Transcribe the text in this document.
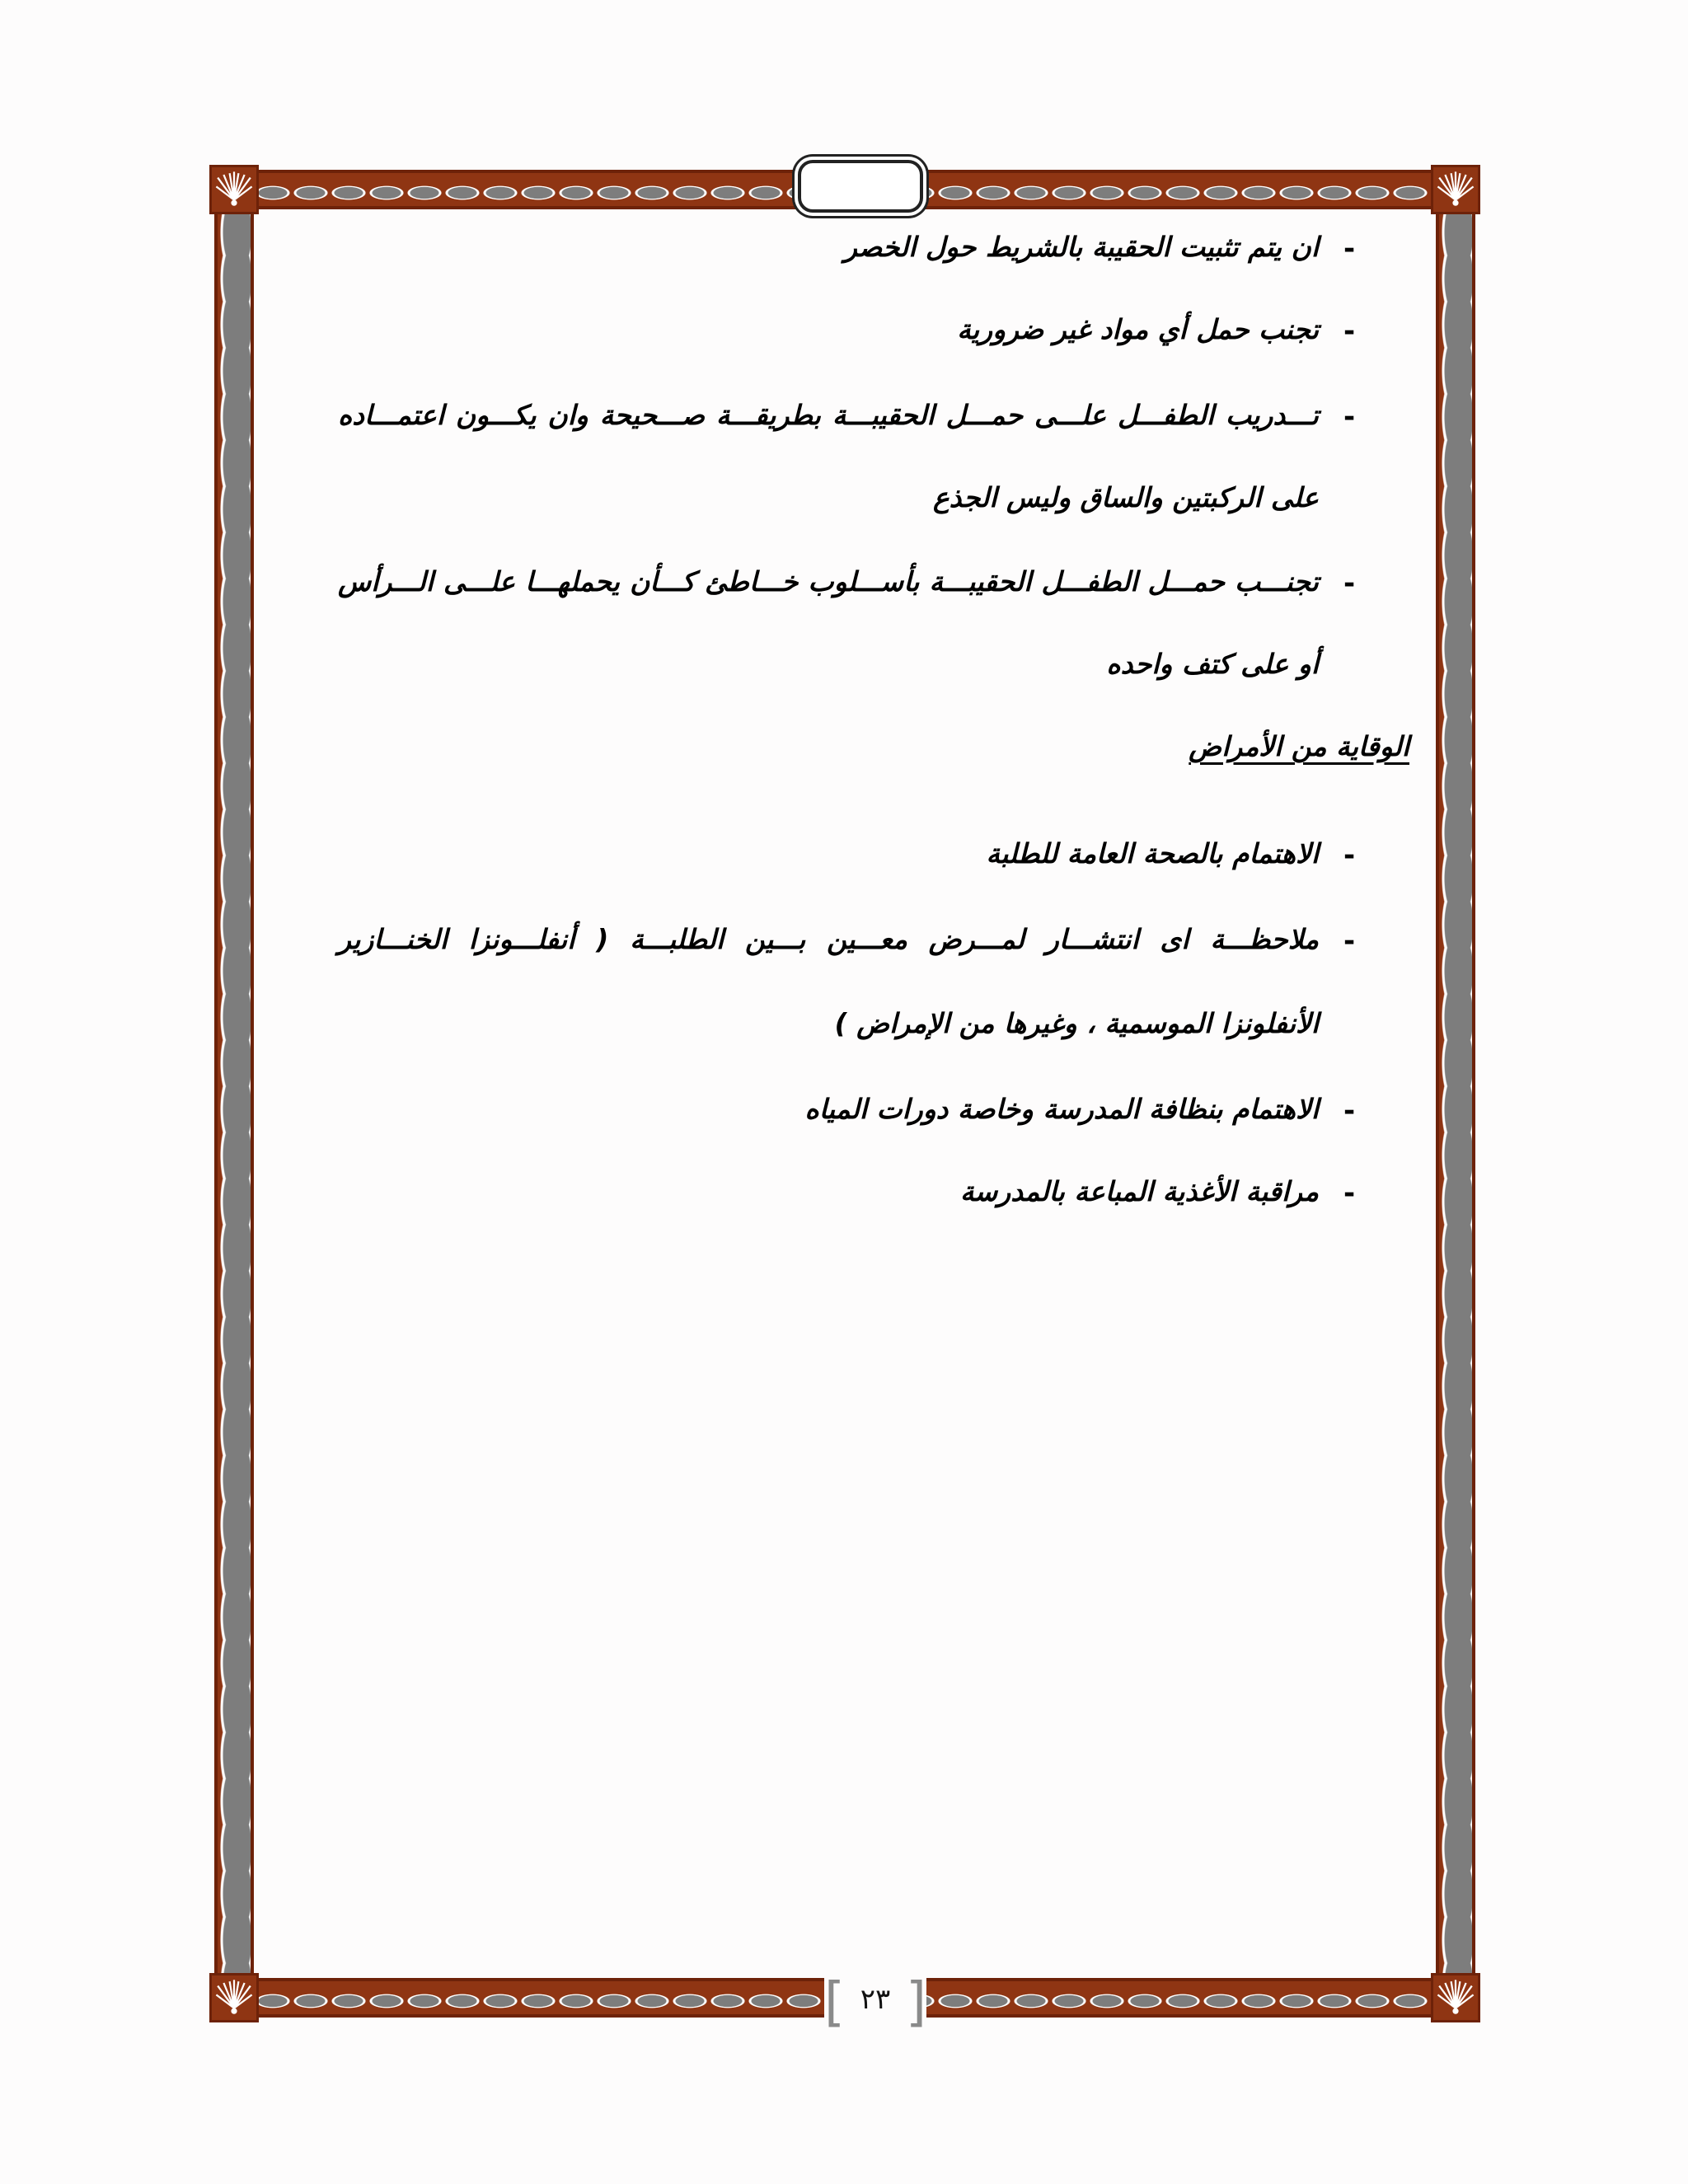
[ ٢٣ ]
-
ان يتم تثبيت الحقيبة بالشريط حول الخصر
-
تجنب حمل أي مواد غير ضرورية
-
تـــدريب الطفـــل علـــى حمـــل الحقيبـــة بطريقـــة صـــحيحة وان يكـــون اعتمـــاده
على الركبتين والساق وليس الجذع
-
تجنـــب حمـــل الطفـــل الحقيبـــة بأســـلوب خـــاطئ كـــأن يحملهـــا علـــى الـــرأس
أو على كتف واحده
الوقاية من الأمراض
-
الاهتمام بالصحة العامة للطلبة
-
ملاحظـــة اى انتشـــار لمـــرض معـــين بـــين الطلبـــة ( أنفلـــونزا الخنـــازير
الأنفلونزا الموسمية ، وغيرها من الإمراض )
-
الاهتمام بنظافة المدرسة وخاصة دورات المياه
-
مراقبة الأغذية المباعة بالمدرسة
